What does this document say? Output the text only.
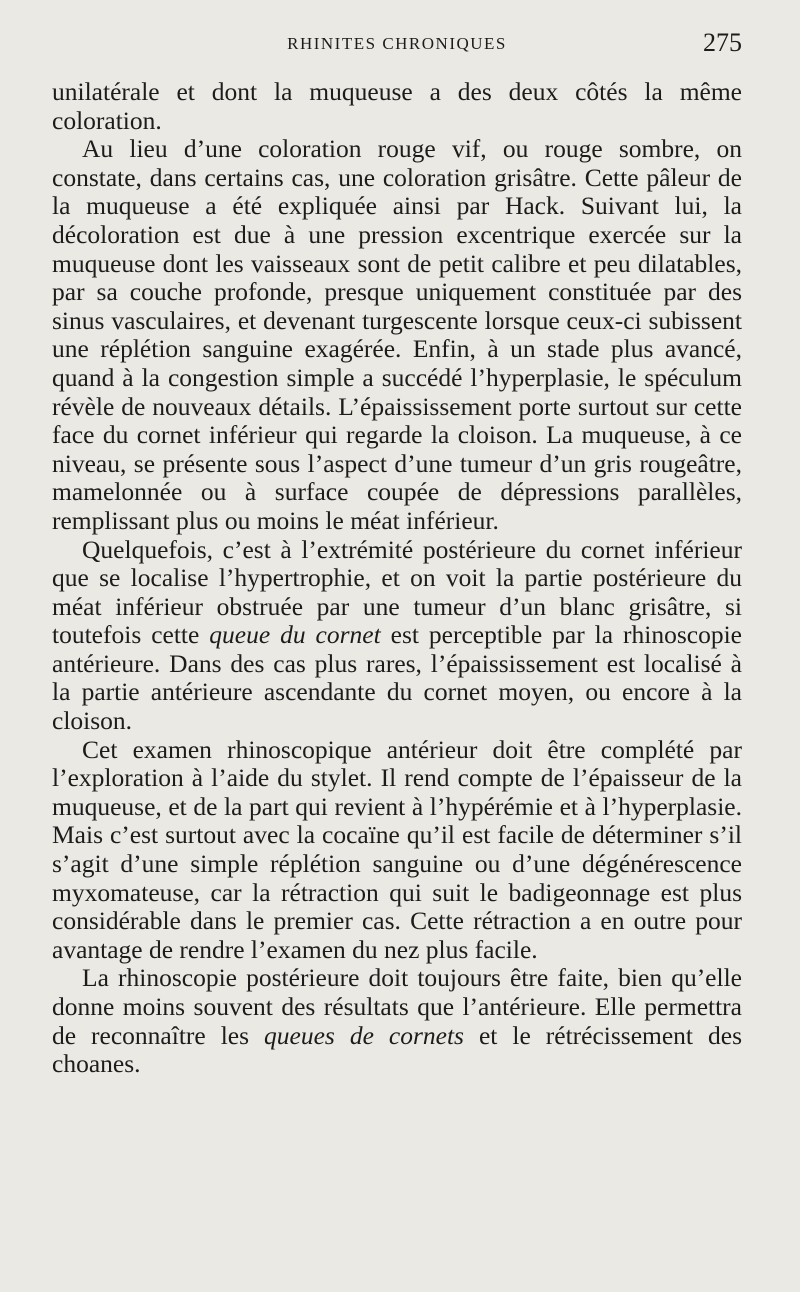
RHINITES CHRONIQUES	275

unilatérale et dont la muqueuse a des deux côtés la même coloration.

Au lieu d’une coloration rouge vif, ou rouge sombre, on constate, dans certains cas, une coloration grisâtre. Cette pâleur de la muqueuse a été expliquée ainsi par Hack. Suivant lui, la décoloration est due à une pression excentrique exercée sur la muqueuse dont les vaisseaux sont de petit calibre et peu dilatables, par sa couche profonde, presque uniquement constituée par des sinus vasculaires, et devenant turgescente lorsque ceux-ci subissent une réplétion sanguine exagérée. Enfin, à un stade plus avancé, quand à la congestion simple a succédé l’hyperplasie, le spéculum révèle de nouveaux détails. L’épaississement porte surtout sur cette face du cornet inférieur qui regarde la cloison. La muqueuse, à ce niveau, se présente sous l’aspect d’une tumeur d’un gris rougeâtre, mamelonnée ou à surface coupée de dépressions parallèles, remplissant plus ou moins le méat inférieur.

Quelquefois, c’est à l’extrémité postérieure du cornet inférieur que se localise l’hypertrophie, et on voit la partie postérieure du méat inférieur obstruée par une tumeur d’un blanc grisâtre, si toutefois cette queue du cornet est perceptible par la rhinoscopie antérieure. Dans des cas plus rares, l’épaississement est localisé à la partie antérieure ascendante du cornet moyen, ou encore à la cloison.

Cet examen rhinoscopique antérieur doit être complété par l’exploration à l’aide du stylet. Il rend compte de l’épaisseur de la muqueuse, et de la part qui revient à l’hypérémie et à l’hyperplasie. Mais c’est surtout avec la cocaïne qu’il est facile de déterminer s’il s’agit d’une simple réplétion sanguine ou d’une dégénérescence myxomateuse, car la rétraction qui suit le badigeonnage est plus considérable dans le premier cas. Cette rétraction a en outre pour avantage de rendre l’examen du nez plus facile.

La rhinoscopie postérieure doit toujours être faite, bien qu’elle donne moins souvent des résultats que l’antérieure. Elle permettra de reconnaître les queues de cornets et le rétrécissement des choanes.
